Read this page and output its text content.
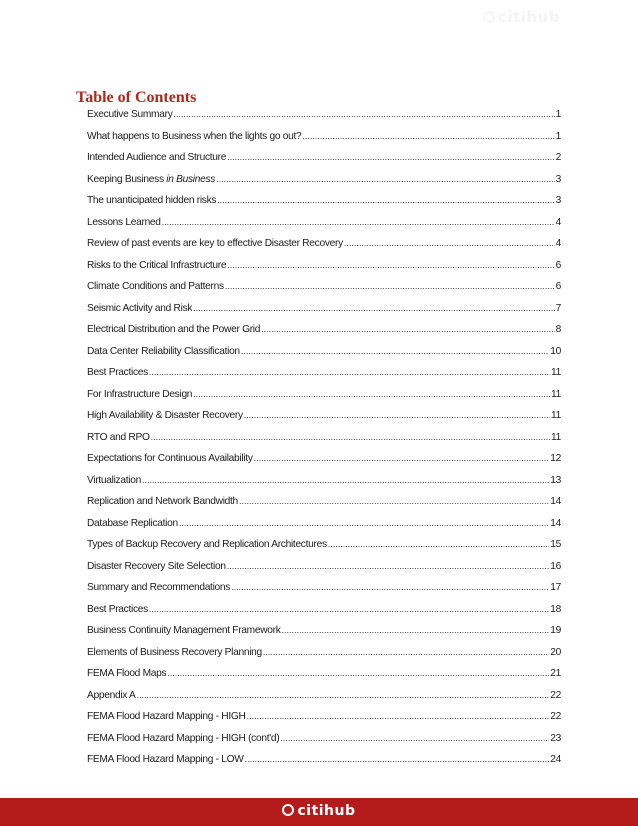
citihub
Table of Contents
Executive Summary .....	1
What happens to Business when the lights go out? .....	1
Intended Audience and Structure .....	2
Keeping Business in Business .....	3
The unanticipated hidden risks .....	3
Lessons Learned .....	4
Review of past events are key to effective Disaster Recovery .....	4
Risks to the Critical Infrastructure .....	6
Climate Conditions and Patterns .....	6
Seismic Activity and Risk .....	7
Electrical Distribution and the Power Grid .....	8
Data Center Reliability Classification .....	10
Best Practices .....	11
For Infrastructure Design .....	11
High Availability & Disaster Recovery .....	11
RTO and RPO .....	11
Expectations for Continuous Availability .....	12
Virtualization .....	13
Replication and Network Bandwidth .....	14
Database Replication .....	14
Types of Backup Recovery and Replication Architectures .....	15
Disaster Recovery Site Selection .....	16
Summary and Recommendations .....	17
Best Practices .....	18
Business Continuity Management Framework .....	19
Elements of Business Recovery Planning .....	20
FEMA Flood Maps .....	21
Appendix A .....	22
FEMA Flood Hazard Mapping - HIGH .....	22
FEMA Flood Hazard Mapping - HIGH (cont'd) .....	23
FEMA Flood Hazard Mapping - LOW .....	24
citihub
